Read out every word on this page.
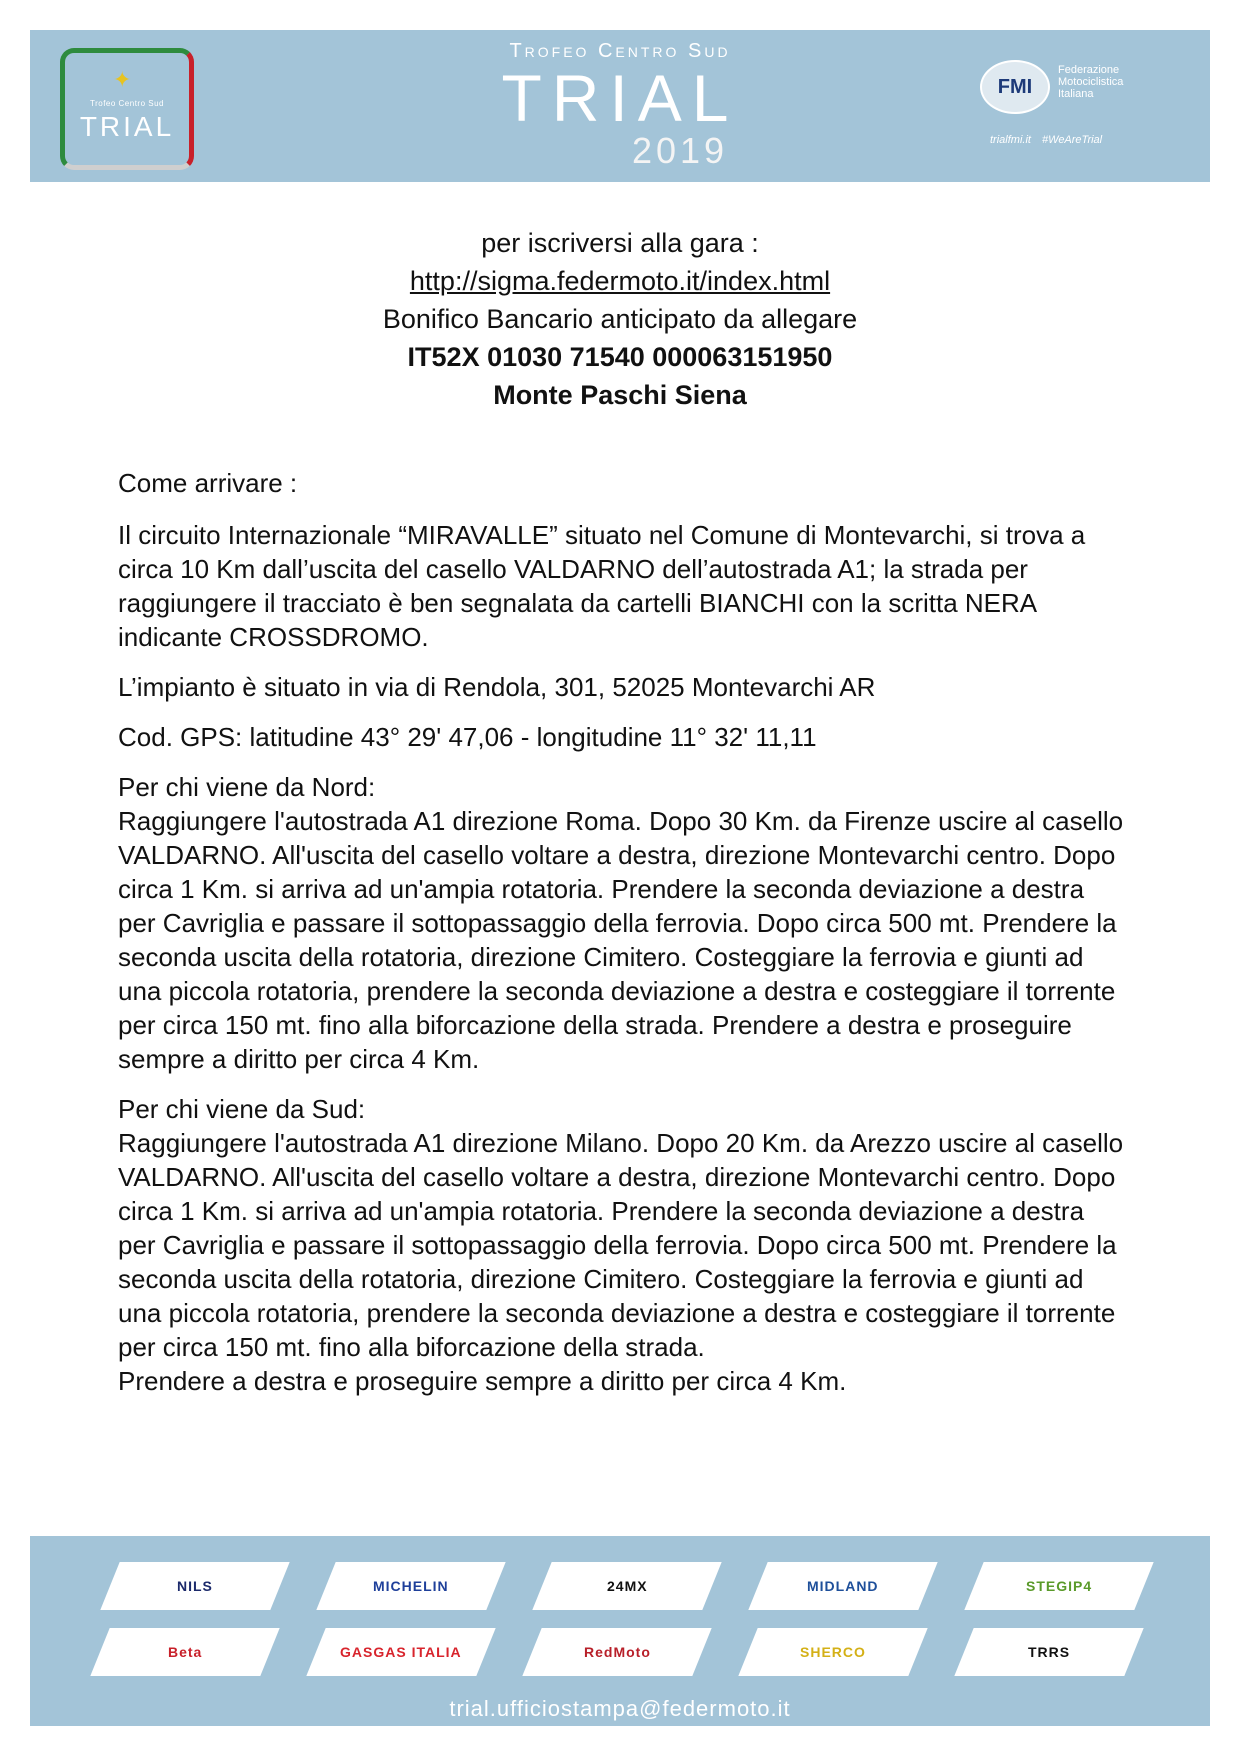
✦
Trofeo Centro Sud
TRIAL
Trofeo Centro Sud
TRIAL
2019
FMI
Federazione
Motociclistica
Italiana
trialfmi.it #WeAreTrial
per iscriversi alla gara :
http://sigma.federmoto.it/index.html
Bonifico Bancario anticipato da allegare
IT52X 01030 71540 000063151950
Monte Paschi Siena

Come arrivare :

Il circuito Internazionale “MIRAVALLE” situato nel Comune di Montevarchi, si trova a circa 10 Km dall’uscita del casello VALDARNO dell’autostrada A1; la strada per raggiungere il tracciato è ben segnalata da cartelli BIANCHI con la scritta NERA indicante CROSSDROMO.

L’impianto è situato in via di Rendola, 301, 52025 Montevarchi AR

Cod. GPS: latitudine 43° 29' 47,06 - longitudine 11° 32' 11,11

Per chi viene da Nord:

Raggiungere l'autostrada A1 direzione Roma. Dopo 30 Km. da Firenze uscire al casello VALDARNO. All'uscita del casello voltare a destra, direzione Montevarchi centro. Dopo circa 1 Km. si arriva ad un'ampia rotatoria. Prendere la seconda deviazione a destra per Cavriglia e passare il sottopassaggio della ferrovia. Dopo circa 500 mt. Prendere la seconda uscita della rotatoria, direzione Cimitero. Costeggiare la ferrovia e giunti ad una piccola rotatoria, prendere la seconda deviazione a destra e costeggiare il torrente per circa 150 mt. fino alla biforcazione della strada. Prendere a destra e proseguire sempre a diritto per circa 4 Km.

Per chi viene da Sud:

Raggiungere l'autostrada A1 direzione Milano. Dopo 20 Km. da Arezzo uscire al casello VALDARNO. All'uscita del casello voltare a destra, direzione Montevarchi centro. Dopo circa 1 Km. si arriva ad un'ampia rotatoria. Prendere la seconda deviazione a destra per Cavriglia e passare il sottopassaggio della ferrovia. Dopo circa 500 mt. Prendere la seconda uscita della rotatoria, direzione Cimitero. Costeggiare la ferrovia e giunti ad una piccola rotatoria, prendere la seconda deviazione a destra e costeggiare il torrente per circa 150 mt. fino alla biforcazione della strada.

Prendere a destra e proseguire sempre a diritto per circa 4 Km.

NILS	MICHELIN	24MX	MIDLAND	STEGIP4
Beta	GASGAS ITALIA	RedMoto	SHERCO	TRRS
trial.ufficiostampa@federmoto.it
